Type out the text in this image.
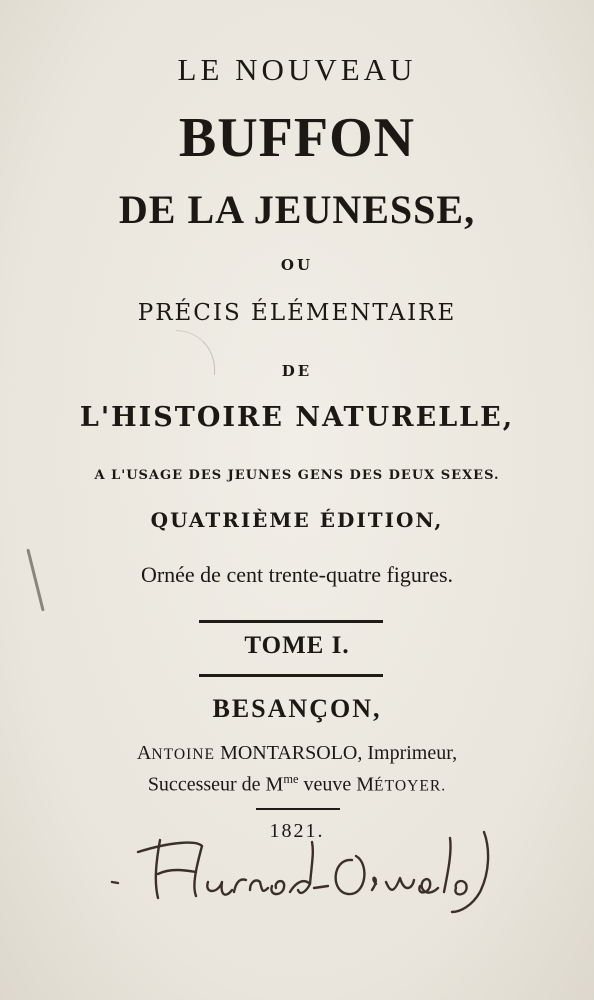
LE NOUVEAU
BUFFON
DE LA JEUNESSE,
OU
PRÉCIS ÉLÉMENTAIRE
DE
L'HISTOIRE NATURELLE,
A L'USAGE DES JEUNES GENS DES DEUX SEXES.
QUATRIÈME ÉDITION,
Ornée de cent trente-quatre figures.
TOME I.
BESANÇON,
ANTOINE MONTARSOLO, Imprimeur,
Successeur de $M^{me}$ veuve MÉTOYER.
1821.
